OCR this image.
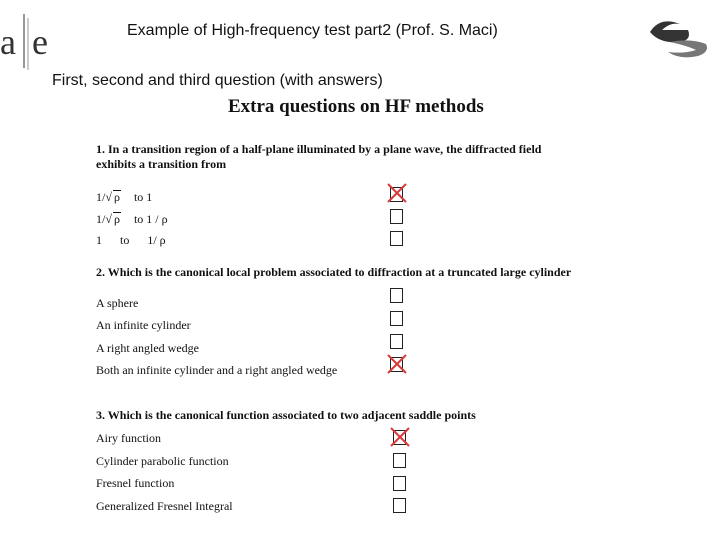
a e	Example of High-frequency test part2 (Prof. S. Maci)
First, second and third question (with answers)
Extra questions on HF methods
1. In a transition region of a half-plane illuminated by a plane wave, the diffracted field
exhibits a transition from
1/√ ρ to 1
1/√ ρ to 1 / ρ
1      to      1/ ρ
2. Which is the canonical local problem associated to diffraction at a truncated large cylinder
A sphere
An infinite cylinder
A right angled wedge
Both an infinite cylinder and a right angled wedge
3. Which is the canonical function associated to two adjacent saddle points
Airy function
Cylinder parabolic function
Fresnel function
Generalized Fresnel Integral
